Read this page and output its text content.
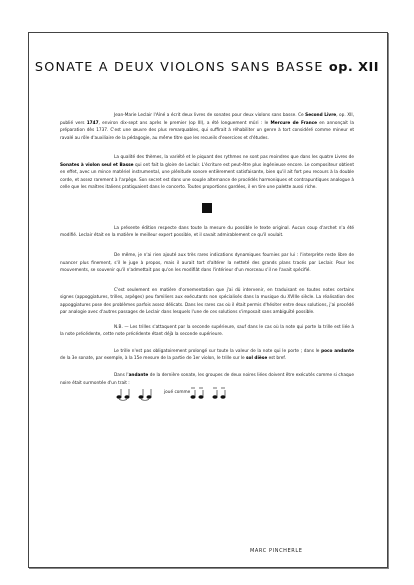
SONATE A DEUX VIOLONS SANS BASSE op. XII

Jean-Marie Leclair l'Aîné a écrit deux livres de sonates pour deux violons sans basse. Ce Second Livre, op. XII, publié vers 1747, environ dix-sept ans après le premier (op III), a été longuement mûri : le Mercure de France en annonçait la préparation dès 1737. C'est une œuvre des plus remarquables, qui suffirait à réhabiliter un genre à tort considéré comme mineur et ravalé au rôle d'auxiliaire de la pédagogie, au même titre que les recueils d'exercices et d'études.

La qualité des thèmes, la variété et le piquant des rythmes ne sont pas moindres que dans les quatre Livres de Sonates à violon seul et Basse qui ont fait la gloire de Leclair. L'écriture est peut-être plus ingénieuse encore. Le compositeur obtient en effet, avec un mince matériel instrumental, une plénitude sonore entièrement satisfaisante, bien qu'il ait fort peu recours à la double corde, et assez rarement à l'arpège. Son secret est dans une souple alternance de procédés harmoniques et contrapuntiques analogue à celle que les maîtres italiens pratiquaient dans le concerto. Toutes proportions gardées, il en tire une palette aussi riche.

La présente édition respecte dans toute la mesure du possible le texte original. Aucun coup d'archet n'a été modifié. Leclair était en la matière le meilleur expert possible, et il savait admirablement ce qu'il voulait.

De même, je n'ai rien ajouté aux très rares indications dynamiques fournies par lui : l'interprète reste libre de nuancer plus finement, s'il le juge à propos, mais il aurait tort d'altérer la netteté des grands plans tracés par Leclair. Pour les mouvements, se souvenir qu'il n'admettait pas qu'on les modifiât dans l'intérieur d'un morceau s'il ne l'avait spécifié.

C'est seulement en matière d'ornementation que j'ai dû intervenir, en traduisant en toutes notes certains signes (appoggiatures, trilles, arpèges) peu familiers aux exécutants non spécialisés dans la musique du XVIIIe siècle. La réalisation des appoggiatures pose des problèmes parfois assez délicats. Dans les rares cas où il était permis d'hésiter entre deux solutions, j'ai procédé par analogie avec d'autres passages de Leclair dans lesquels l'une de ces solutions s'imposait sans ambiguïté possible.

N.B. — Les trilles s'attaquent par la seconde supérieure, sauf dans le cas où la note qui porte la trille est liée à la note précédente, cette note précédente étant déjà la seconde supérieure.

Le trille n'est pas obligatoirement prolongé sur toute la valeur de la note qui le porte ; dans le poco andante de la 3e sonate, par exemple, à la 15e mesure de la partie de 1er violon, le trille sur le sol dièse est bref.

Dans l'andante de la dernière sonate, les groupes de deux noires liées doivent être exécutés comme si chaque noire était surmontée d'un trait :

joué comme
MARC PINCHERLE
